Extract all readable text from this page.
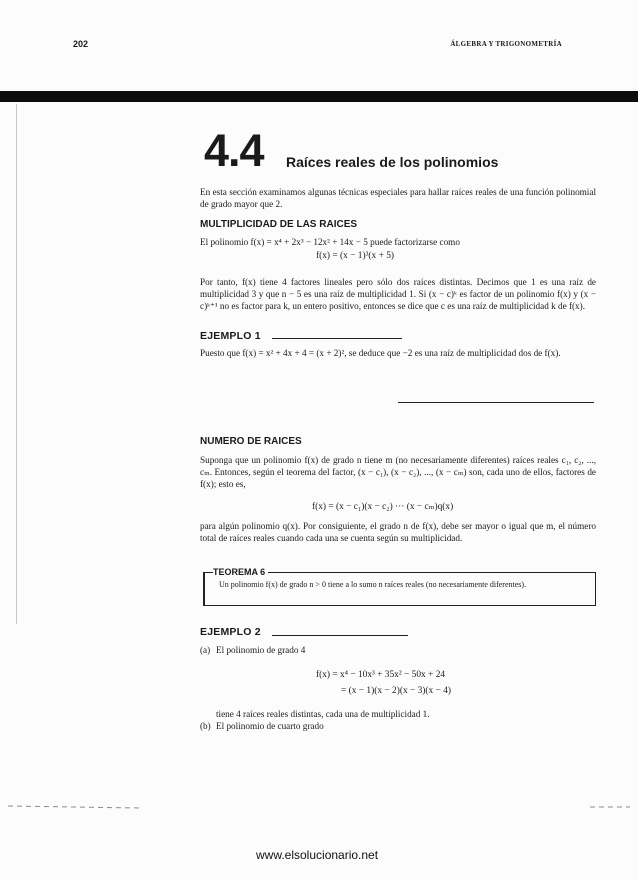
202	ÁLGEBRA Y TRIGONOMETRÍA
4.4 Raíces reales de los polinomios
En esta sección examinamos algunas técnicas especiales para hallar raíces reales de una función polinomial de grado mayor que 2.
MULTIPLICIDAD DE LAS RAICES
El polinomio f(x) = x⁴ + 2x³ − 12x² + 14x − 5 puede factorizarse como
f(x) = (x − 1)³(x + 5)
Por tanto, f(x) tiene 4 factores lineales pero sólo dos raíces distintas. Decimos que 1 es una raíz de multiplicidad 3 y que n − 5 es una raíz de multiplicidad 1. Si (x − c)ᵏ es factor de un polinomio f(x) y (x − c)ᵏ⁺¹ no es factor para k, un entero positivo, entonces se dice que c es una raíz de multiplicidad k de f(x).
EJEMPLO 1
Puesto que f(x) = x² + 4x + 4 = (x + 2)², se deduce que −2 es una raíz de multiplicidad dos de f(x).
NUMERO DE RAICES
Suponga que un polinomio f(x) de grado n tiene m (no necesariamente diferentes) raíces reales c₁, c₂, ..., cₘ. Entonces, según el teorema del factor, (x − c₁), (x − c₂), ..., (x − cₘ) son, cada uno de ellos, factores de f(x); esto es,
f(x) = (x − c₁)(x − c₂) ··· (x − cₘ)q(x)
para algún polinomio q(x). Por consiguiente, el grado n de f(x), debe ser mayor o igual que m, el número total de raíces reales cuando cada una se cuenta según su multiplicidad.
TEOREMA 6
Un polinomio f(x) de grado n > 0 tiene a lo sumo n raíces reales (no necesariamente diferentes).
EJEMPLO 2
(a) El polinomio de grado 4
f(x) = x⁴ − 10x³ + 35x² − 50x + 24
= (x − 1)(x − 2)(x − 3)(x − 4)
tiene 4 raíces reales distintas, cada una de multiplicidad 1.
(b) El polinomio de cuarto grado
www.elsolucionario.net
